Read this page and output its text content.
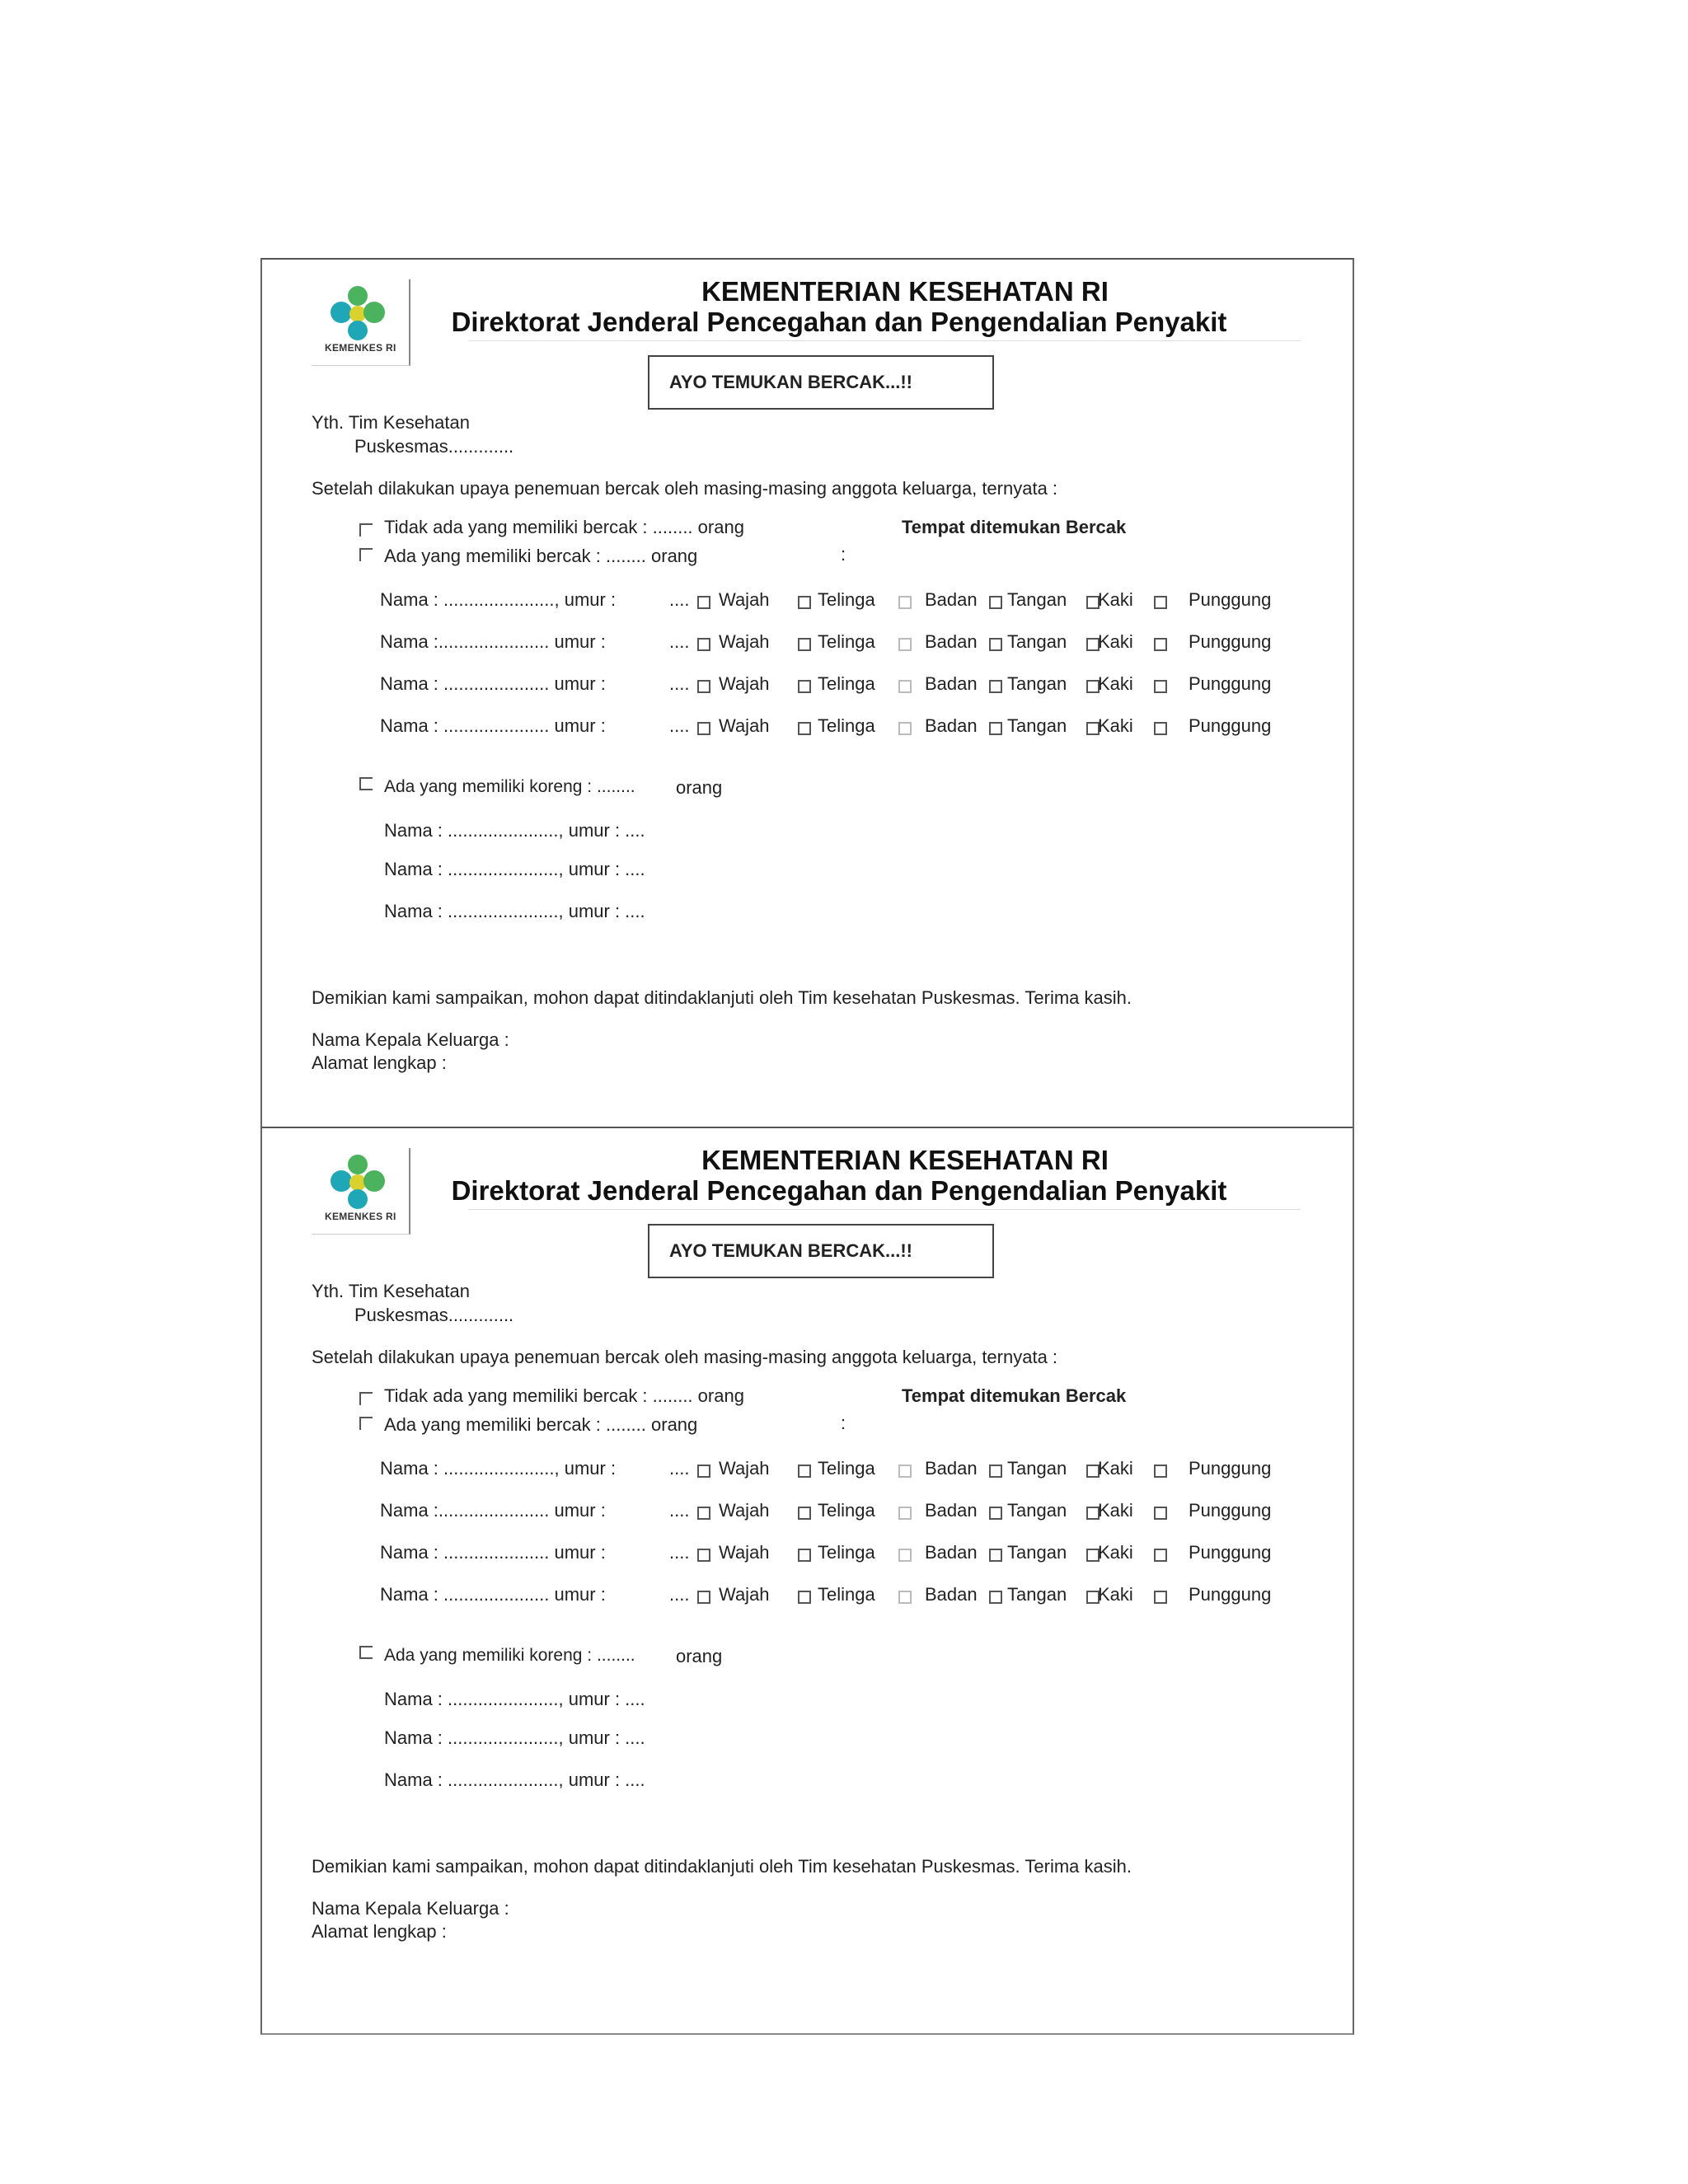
KEMENKES RI
KEMENTERIAN KESEHATAN RI
Direktorat Jenderal Pencegahan dan Pengendalian Penyakit
AYO TEMUKAN BERCAK...!!
Yth. Tim Kesehatan
Puskesmas.............
Setelah dilakukan upaya penemuan bercak oleh masing-masing anggota keluarga, ternyata :
Tidak ada yang memiliki bercak : ........ orang	Tempat ditemukan Bercak
Ada yang memiliki bercak : ........ orang	:
Nama : ......................, umur :	.... Wajah	Telinga	Badan Tangan Kaki	Punggung
Nama :...................... umur :	.... Wajah	Telinga	Badan Tangan Kaki	Punggung
Nama : ..................... umur :	.... Wajah	Telinga	Badan Tangan Kaki	Punggung
Nama : ..................... umur :	.... Wajah	Telinga	Badan Tangan Kaki	Punggung
Ada yang memiliki koreng : ........ orang
Nama : ......................, umur : ....
Nama : ......................, umur : ....
Nama : ......................, umur : ....
Demikian kami sampaikan, mohon dapat ditindaklanjuti oleh Tim kesehatan Puskesmas. Terima kasih.
Nama Kepala Keluarga :
Alamat lengkap :
KEMENKES RI
KEMENTERIAN KESEHATAN RI
Direktorat Jenderal Pencegahan dan Pengendalian Penyakit
AYO TEMUKAN BERCAK...!!
Yth. Tim Kesehatan
Puskesmas.............
Setelah dilakukan upaya penemuan bercak oleh masing-masing anggota keluarga, ternyata :
Tidak ada yang memiliki bercak : ........ orang	Tempat ditemukan Bercak
Ada yang memiliki bercak : ........ orang	:
Nama : ......................, umur :	.... Wajah	Telinga	Badan Tangan Kaki	Punggung
Nama :...................... umur :	.... Wajah	Telinga	Badan Tangan Kaki	Punggung
Nama : ..................... umur :	.... Wajah	Telinga	Badan Tangan Kaki	Punggung
Nama : ..................... umur :	.... Wajah	Telinga	Badan Tangan Kaki	Punggung
Ada yang memiliki koreng : ........ orang
Nama : ......................, umur : ....
Nama : ......................, umur : ....
Nama : ......................, umur : ....
Demikian kami sampaikan, mohon dapat ditindaklanjuti oleh Tim kesehatan Puskesmas. Terima kasih.
Nama Kepala Keluarga :
Alamat lengkap :
